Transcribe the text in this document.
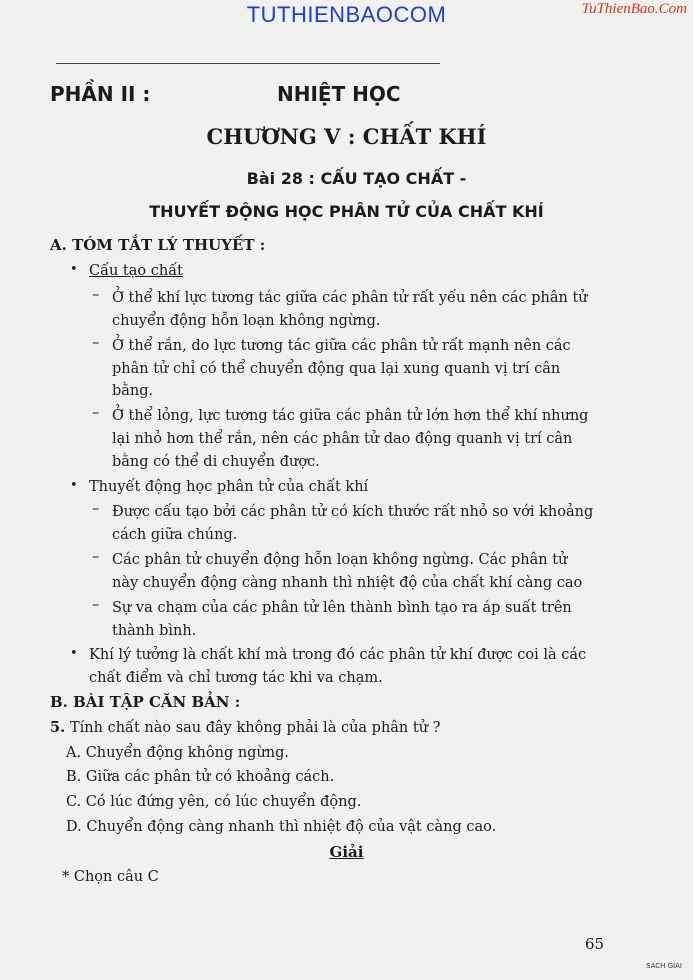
TUTHIENBAOCOM	TuThienBao.Com
PHẦN II :	NHIỆT HỌC
CHƯƠNG V : CHẤT KHÍ
Bài 28 : CẤU TẠO CHẤT -
THUYẾT ĐỘNG HỌC PHÂN TỬ CỦA CHẤT KHÍ
A. TÓM TẮT LÝ THUYẾT :
• Cấu tạo chất
– Ở thể khí lực tương tác giữa các phân tử rất yếu nên các phân tử
chuyển động hỗn loạn không ngừng.
– Ở thể rắn, do lực tương tác giữa các phân tử rất mạnh nên các
phân tử chỉ có thể chuyển động qua lại xung quanh vị trí cân
bằng.
– Ở thể lỏng, lực tương tác giữa các phân tử lớn hơn thể khí nhưng
lại nhỏ hơn thể rắn, nên các phân tử dao động quanh vị trí cân
bằng có thể di chuyển được.
• Thuyết động học phân tử của chất khí
– Được cấu tạo bởi các phân tử có kích thước rất nhỏ so với khoảng
cách giữa chúng.
– Các phân tử chuyển động hỗn loạn không ngừng. Các phân tử
này chuyển động càng nhanh thì nhiệt độ của chất khí càng cao
– Sự va chạm của các phân tử lên thành bình tạo ra áp suất trên
thành bình.
• Khí lý tưởng là chất khí mà trong đó các phân tử khí được coi là các
chất điểm và chỉ tương tác khi va chạm.
B. BÀI TẬP CĂN BẢN :
5. Tính chất nào sau đây không phải là của phân tử ?
A. Chuyển động không ngừng.
B. Giữa các phân tử có khoảng cách.
C. Có lúc đứng yên, có lúc chuyển động.
D. Chuyển động càng nhanh thì nhiệt độ của vật càng cao.
Giải
* Chọn câu C
65
SACH GIAI
